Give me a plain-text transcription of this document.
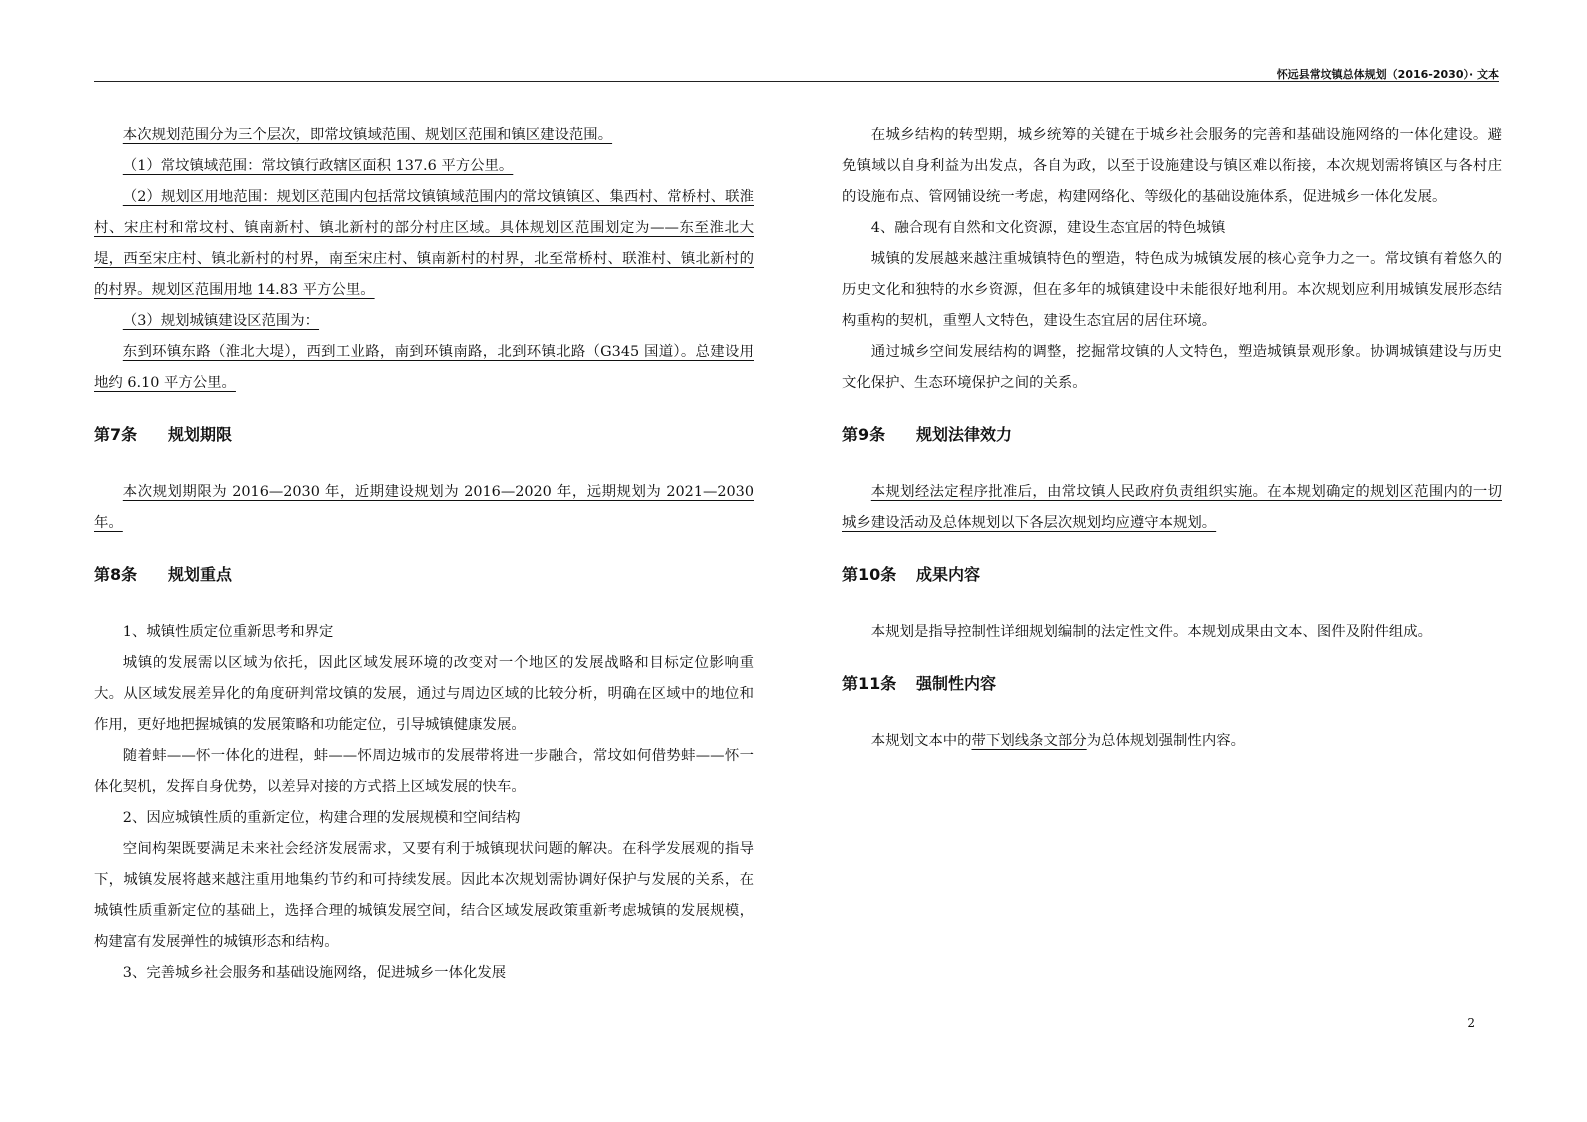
怀远县常坟镇总体规划（2016-2030）· 文本

本次规划范围分为三个层次，即常坟镇域范围、规划区范围和镇区建设范围。

（1）常坟镇域范围：常坟镇行政辖区面积 137.6 平方公里。

（2）规划区用地范围：规划区范围内包括常坟镇镇域范围内的常坟镇镇区、集西村、常桥村、联淮村、宋庄村和常坟村、镇南新村、镇北新村的部分村庄区域。具体规划区范围划定为——东至淮北大堤，西至宋庄村、镇北新村的村界，南至宋庄村、镇南新村的村界，北至常桥村、联淮村、镇北新村的的村界。规划区范围用地 14.83 平方公里。

（3）规划城镇建设区范围为：

东到环镇东路（淮北大堤），西到工业路，南到环镇南路，北到环镇北路（G345 国道）。总建设用地约 6.10 平方公里。

第7条	规划期限

本次规划期限为 2016—2030 年，近期建设规划为 2016—2020 年，远期规划为 2021—2030 年。

第8条	规划重点

1、城镇性质定位重新思考和界定

城镇的发展需以区域为依托，因此区域发展环境的改变对一个地区的发展战略和目标定位影响重大。从区域发展差异化的角度研判常坟镇的发展，通过与周边区域的比较分析，明确在区域中的地位和作用，更好地把握城镇的发展策略和功能定位，引导城镇健康发展。

随着蚌——怀一体化的进程，蚌——怀周边城市的发展带将进一步融合，常坟如何借势蚌——怀一体化契机，发挥自身优势，以差异对接的方式搭上区域发展的快车。

2、因应城镇性质的重新定位，构建合理的发展规模和空间结构

空间构架既要满足未来社会经济发展需求，又要有利于城镇现状问题的解决。在科学发展观的指导下，城镇发展将越来越注重用地集约节约和可持续发展。因此本次规划需协调好保护与发展的关系，在城镇性质重新定位的基础上，选择合理的城镇发展空间，结合区域发展政策重新考虑城镇的发展规模，构建富有发展弹性的城镇形态和结构。

3、完善城乡社会服务和基础设施网络，促进城乡一体化发展

在城乡结构的转型期，城乡统筹的关键在于城乡社会服务的完善和基础设施网络的一体化建设。避免镇域以自身利益为出发点，各自为政，以至于设施建设与镇区难以衔接，本次规划需将镇区与各村庄的设施布点、管网铺设统一考虑，构建网络化、等级化的基础设施体系，促进城乡一体化发展。

4、融合现有自然和文化资源，建设生态宜居的特色城镇

城镇的发展越来越注重城镇特色的塑造，特色成为城镇发展的核心竞争力之一。常坟镇有着悠久的历史文化和独特的水乡资源，但在多年的城镇建设中未能很好地利用。本次规划应利用城镇发展形态结构重构的契机，重塑人文特色，建设生态宜居的居住环境。

通过城乡空间发展结构的调整，挖掘常坟镇的人文特色，塑造城镇景观形象。协调城镇建设与历史文化保护、生态环境保护之间的关系。

第9条	规划法律效力

本规划经法定程序批准后，由常坟镇人民政府负责组织实施。在本规划确定的规划区范围内的一切城乡建设活动及总体规划以下各层次规划均应遵守本规划。

第10条	成果内容

本规划是指导控制性详细规划编制的法定性文件。本规划成果由文本、图件及附件组成。

第11条	强制性内容

本规划文本中的带下划线条文部分为总体规划强制性内容。

2
